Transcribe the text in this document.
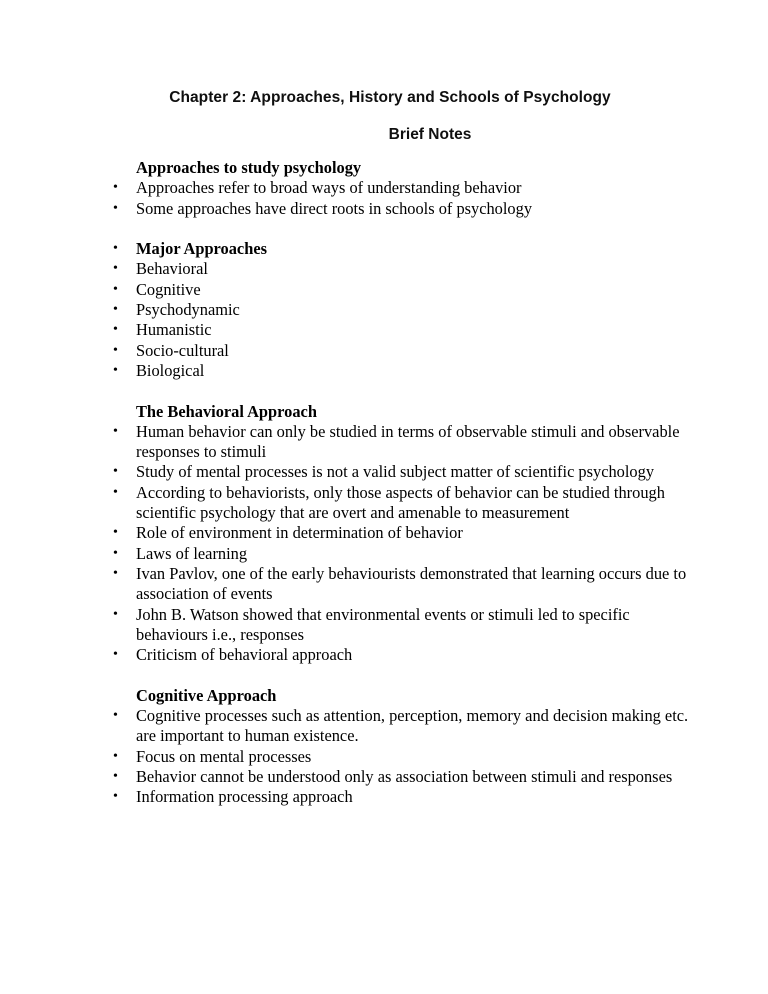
Chapter 2: Approaches, History and Schools of Psychology
Brief Notes
Approaches to study psychology
• Approaches refer to broad ways of understanding behavior
• Some approaches have direct roots in schools of psychology

• Major Approaches
• Behavioral
• Cognitive
• Psychodynamic
• Humanistic
• Socio-cultural
• Biological
The Behavioral Approach
• Human behavior can only be studied in terms of observable stimuli and observable responses to stimuli
• Study of mental processes is not a valid subject matter of scientific psychology
• According to behaviorists, only those aspects of behavior can be studied through scientific psychology that are overt and amenable to measurement
• Role of environment in determination of behavior
• Laws of learning
• Ivan Pavlov, one of the early behaviourists demonstrated that learning occurs due to association of events
• John B. Watson showed that environmental events or stimuli led to specific behaviours i.e., responses
• Criticism of behavioral approach
Cognitive Approach
• Cognitive processes such as attention, perception, memory and decision making etc. are important to human existence.
• Focus on mental processes
• Behavior cannot be understood only as association between stimuli and responses
• Information processing approach
